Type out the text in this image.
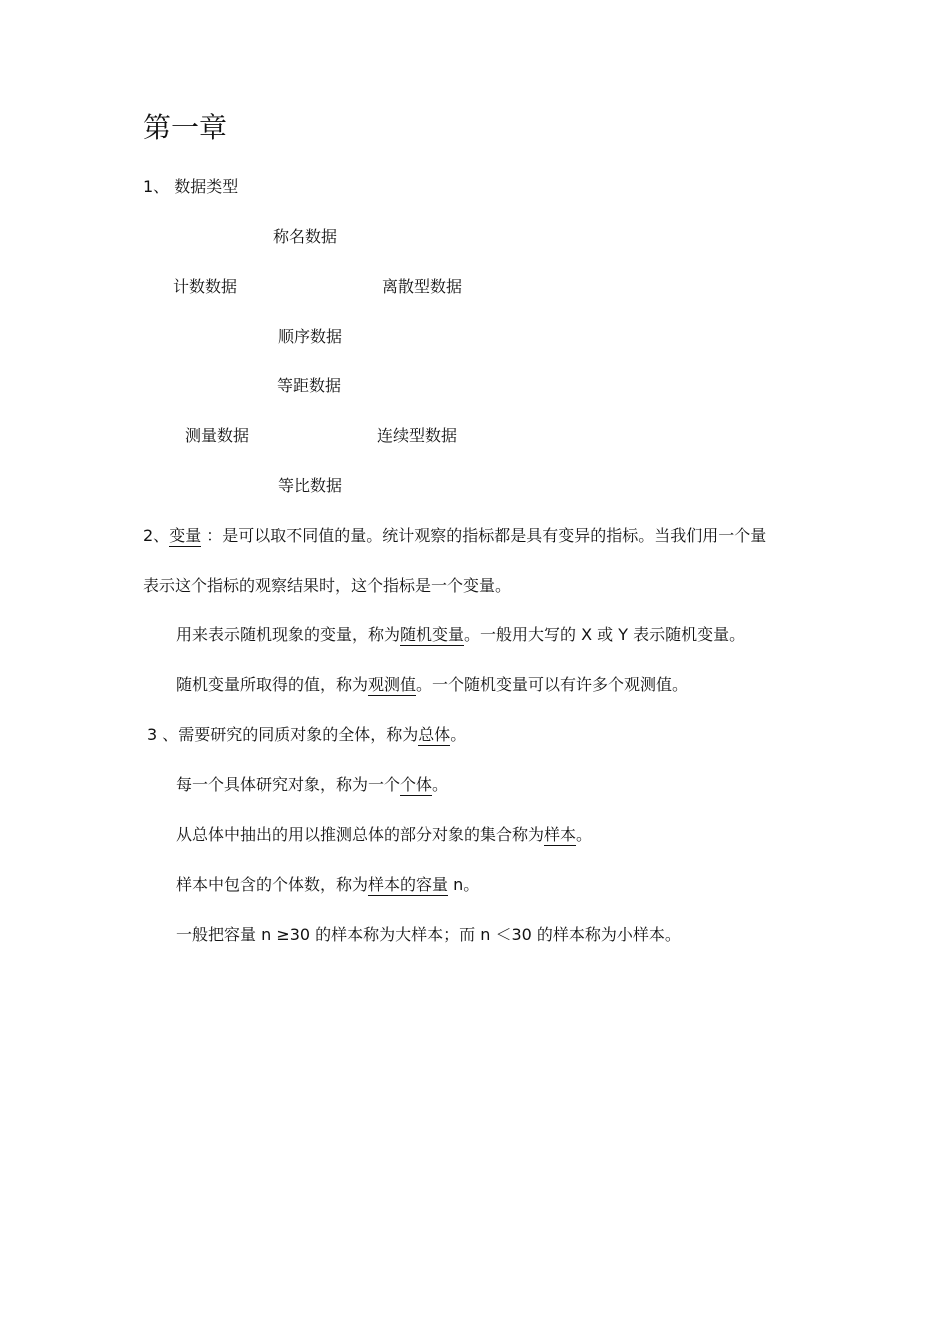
第一章
1、 数据类型
称名数据
计数数据	离散型数据
顺序数据
等距数据
测量数据	连续型数据
等比数据
2、变量 ：是可以取不同值的量。统计观察的指标都是具有变异的指标。当我们用一个量
表示这个指标的观察结果时，这个指标是一个变量。
用来表示随机现象的变量，称为随机变量。一般用大写的 X 或 Y 表示随机变量。
随机变量所取得的值，称为观测值。一个随机变量可以有许多个观测值。
3 、需要研究的同质对象的全体，称为总体。
每一个具体研究对象，称为一个个体。
从总体中抽出的用以推测总体的部分对象的集合称为样本。
样本中包含的个体数，称为样本的容量 n。
一般把容量 n ≥30 的样本称为大样本；而 n ＜30 的样本称为小样本。
